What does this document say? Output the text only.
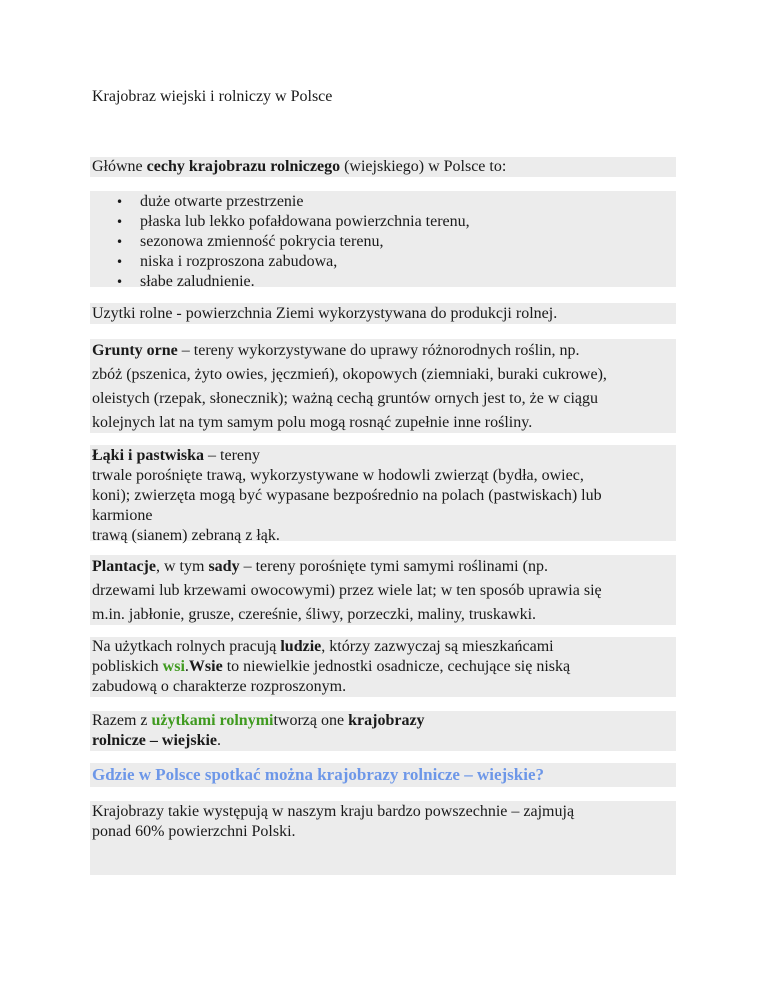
Krajobraz wiejski i rolniczy w Polsce
Główne cechy krajobrazu rolniczego (wiejskiego) w Polsce to:
• duże otwarte przestrzenie
• płaska lub lekko pofałdowana powierzchnia terenu,
• sezonowa zmienność pokrycia terenu,
• niska i rozproszona zabudowa,
• słabe zaludnienie.
Uzytki rolne - powierzchnia Ziemi wykorzystywana do produkcji rolnej.
Grunty orne – tereny wykorzystywane do uprawy różnorodnych roślin, np.
zbóż (pszenica, żyto owies, jęczmień), okopowych (ziemniaki, buraki cukrowe),
oleistych (rzepak, słonecznik); ważną cechą gruntów ornych jest to, że w ciągu
kolejnych lat na tym samym polu mogą rosnąć zupełnie inne rośliny.
Łąki i pastwiska – tereny
trwale porośnięte trawą, wykorzystywane w hodowli zwierząt (bydła, owiec,
koni); zwierzęta mogą być wypasane bezpośrednio na polach (pastwiskach) lub
karmione
trawą (sianem) zebraną z łąk.
Plantacje, w tym sady – tereny porośnięte tymi samymi roślinami (np.
drzewami lub krzewami owocowymi) przez wiele lat; w ten sposób uprawia się
m.in. jabłonie, grusze, czereśnie, śliwy, porzeczki, maliny, truskawki.
Na użytkach rolnych pracują ludzie, którzy zazwyczaj są mieszkańcami
pobliskich wsi.Wsie to niewielkie jednostki osadnicze, cechujące się niską
zabudową o charakterze rozproszonym.
Razem z użytkami rolnymitworzą one krajobrazy
rolnicze – wiejskie.
Gdzie w Polsce spotkać można krajobrazy rolnicze – wiejskie?
Krajobrazy takie występują w naszym kraju bardzo powszechnie – zajmują
ponad 60% powierzchni Polski.
